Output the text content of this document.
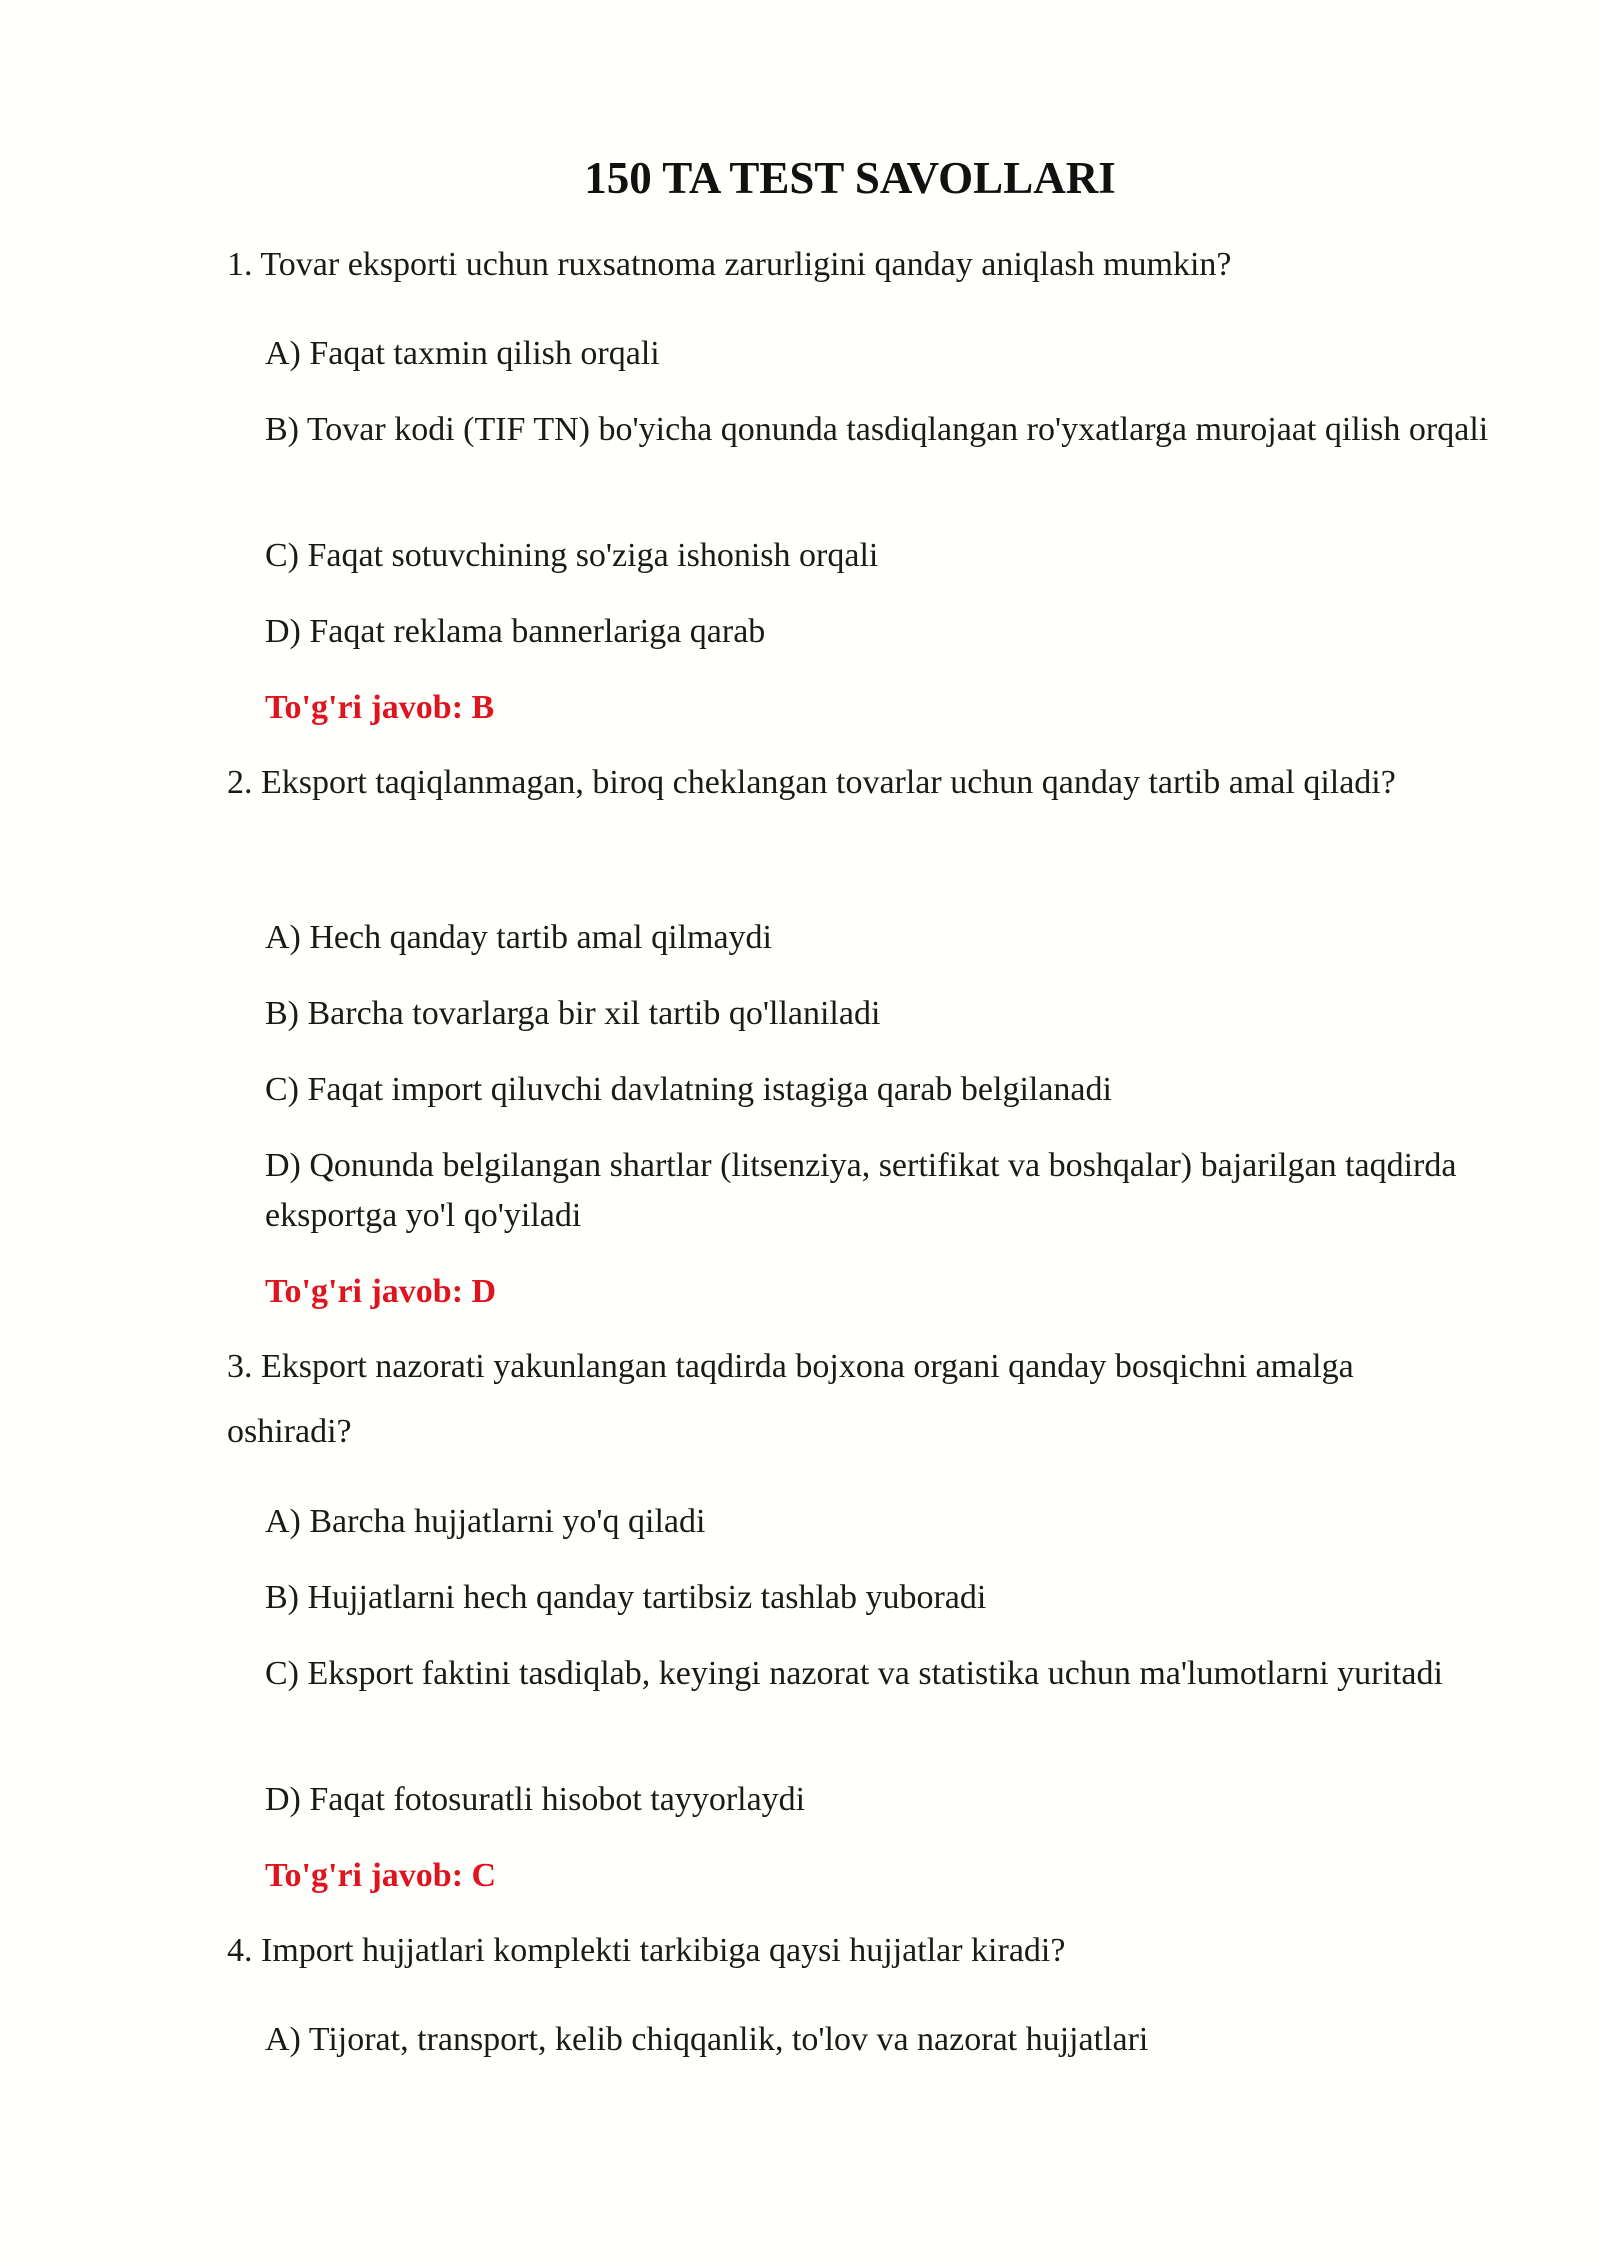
150 TA TEST SAVOLLARI
1. Tovar eksporti uchun ruxsatnoma zarurligini qanday aniqlash mumkin?
A) Faqat taxmin qilish orqali
B) Tovar kodi (TIF TN) bo'yicha qonunda tasdiqlangan ro'yxatlarga murojaat qilish orqali
C) Faqat sotuvchining so'ziga ishonish orqali
D) Faqat reklama bannerlariga qarab
To'g'ri javob: B
2. Eksport taqiqlanmagan, biroq cheklangan tovarlar uchun qanday tartib amal qiladi?
A) Hech qanday tartib amal qilmaydi
B) Barcha tovarlarga bir xil tartib qo'llaniladi
C) Faqat import qiluvchi davlatning istagiga qarab belgilanadi
D) Qonunda belgilangan shartlar (litsenziya, sertifikat va boshqalar) bajarilgan taqdirda eksportga yo'l qo'yiladi
To'g'ri javob: D
3. Eksport nazorati yakunlangan taqdirda bojxona organi qanday bosqichni amalga oshiradi?
A) Barcha hujjatlarni yo'q qiladi
B) Hujjatlarni hech qanday tartibsiz tashlab yuboradi
C) Eksport faktini tasdiqlab, keyingi nazorat va statistika uchun ma'lumotlarni yuritadi
D) Faqat fotosuratli hisobot tayyorlaydi
To'g'ri javob: C
4. Import hujjatlari komplekti tarkibiga qaysi hujjatlar kiradi?
A) Tijorat, transport, kelib chiqqanlik, to'lov va nazorat hujjatlari
